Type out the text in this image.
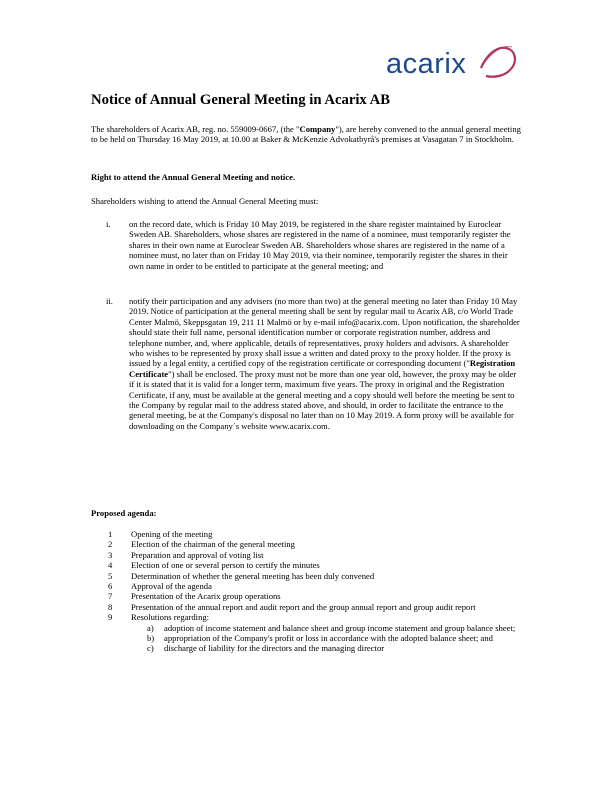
acarix
Notice of Annual General Meeting in Acarix AB
The shareholders of Acarix AB, reg. no. 559009-0667, (the "Company"), are hereby convened to the annual general meeting to be held on Thursday 16 May 2019, at 10.00 at Baker & McKenzie Advokatbyrå's premises at Vasagatan 7 in Stockholm.
Right to attend the Annual General Meeting and notice.
Shareholders wishing to attend the Annual General Meeting must:
i. on the record date, which is Friday 10 May 2019, be registered in the share register maintained by Euroclear Sweden AB. Shareholders, whose shares are registered in the name of a nominee, must temporarily register the shares in their own name at Euroclear Sweden AB. Shareholders whose shares are registered in the name of a nominee must, no later than on Friday 10 May 2019, via their nominee, temporarily register the shares in their own name in order to be entitled to participate at the general meeting; and
ii. notify their participation and any advisers (no more than two) at the general meeting no later than Friday 10 May 2019. Notice of participation at the general meeting shall be sent by regular mail to Acarix AB, c/o World Trade Center Malmö, Skeppsgatan 19, 211 11 Malmö or by e-mail info@acarix.com. Upon notification, the shareholder should state their full name, personal identification number or corporate registration number, address and telephone number, and, where applicable, details of representatives, proxy holders and advisors. A shareholder who wishes to be represented by proxy shall issue a written and dated proxy to the proxy holder. If the proxy is issued by a legal entity, a certified copy of the registration certificate or corresponding document ("Registration Certificate") shall be enclosed. The proxy must not be more than one year old, however, the proxy may be older if it is stated that it is valid for a longer term, maximum five years. The proxy in original and the Registration Certificate, if any, must be available at the general meeting and a copy should well before the meeting be sent to the Company by regular mail to the address stated above, and should, in order to facilitate the entrance to the general meeting, be at the Company's disposal no later than on 10 May 2019. A form proxy will be available for downloading on the Company´s website www.acarix.com.
Proposed agenda:
1 Opening of the meeting
2 Election of the chairman of the general meeting
3 Preparation and approval of voting list
4 Election of one or several person to certify the minutes
5 Determination of whether the general meeting has been duly convened
6 Approval of the agenda
7 Presentation of the Acarix group operations
8 Presentation of the annual report and audit report and the group annual report and group audit report
9 Resolutions regarding:
a) adoption of income statement and balance sheet and group income statement and group balance sheet;
b) appropriation of the Company's profit or loss in accordance with the adopted balance sheet; and
c) discharge of liability for the directors and the managing director
